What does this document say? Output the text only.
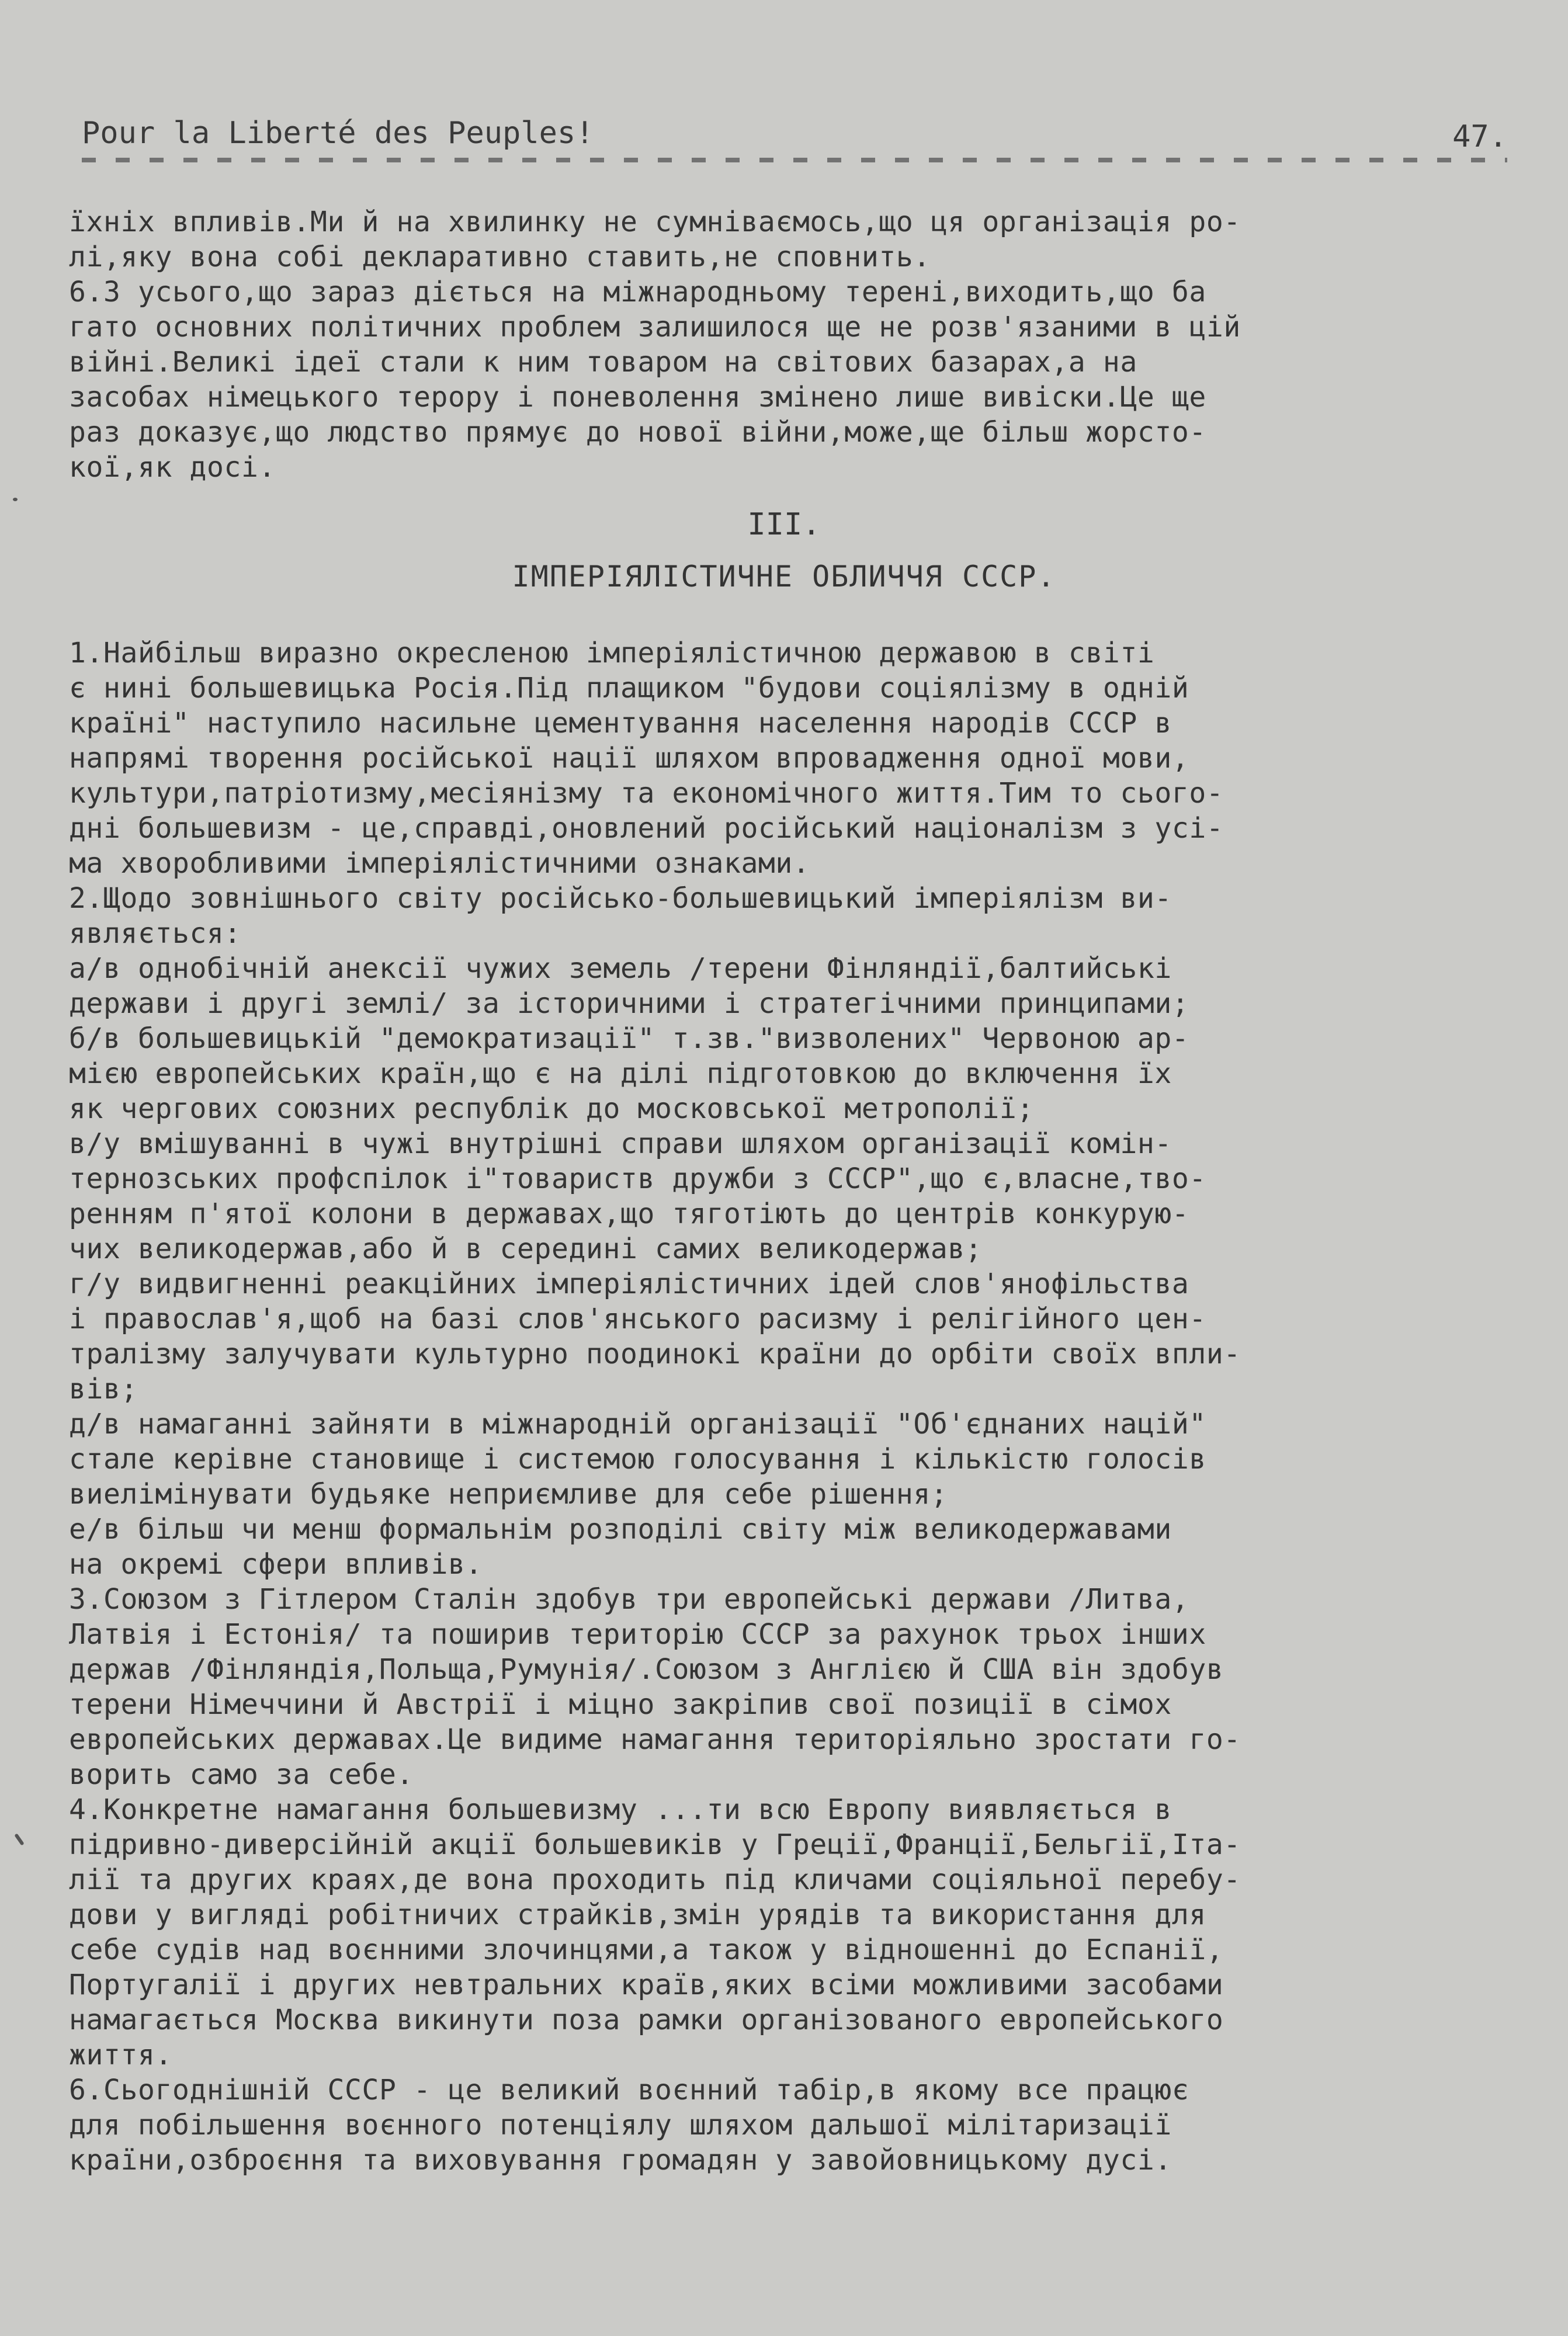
Pour la Liberté des Peuples!	47.
їхніх впливів.Ми й на хвилинку не сумніваємось,що ця організація ро-
лі,яку вона собі декларативно ставить,не сповнить.
6.З усього,що зараз діється на міжнародньому терені,виходить,що ба
гато основних політичних проблем залишилося ще не розв'язаними в цій
війні.Великі ідеї стали к ним товаром на світових базарах,а на
засобах німецького терору і поневолення змінено лише вивіски.Це ще
раз доказує,що людство прямує до нової війни,може,ще більш жорсто-
кої,як досі.
III.
ІМПЕРІЯЛІСТИЧНЕ ОБЛИЧЧЯ СССР.
1.Найбільш виразно окресленою імперіялістичною державою в світі
є нині большевицька Росія.Під плащиком "будови соціялізму в одній
країні" наступило насильне цементування населення народів СССР в
напрямі творення російської нації шляхом впровадження одної мови,
культури,патріотизму,месіянізму та економічного життя.Тим то сього-
дні большевизм - це,справді,оновлений російський націоналізм з усі-
ма хворобливими імперіялістичними ознаками.
2.Щодо зовнішнього світу російсько-большевицький імперіялізм ви-
являється:
а/в однобічній анексії чужих земель /терени Фінляндії,балтийські
держави і другі землі/ за історичними і стратегічними принципами;
б/в большевицькій "демократизації" т.зв."визволених" Червоною ар-
мією европейських країн,що є на ділі підготовкою до включення їх
як чергових союзних республік до московської метрополії;
в/у вмішуванні в чужі внутрішні справи шляхом організації комін-
тернозських профспілок і"товариств дружби з СССР",що є,власне,тво-
ренням п'ятої колони в державах,що тяготіють до центрів конкурую-
чих великодержав,або й в середині самих великодержав;
г/у видвигненні реакційних імперіялістичних ідей слов'янофільства
і православ'я,щоб на базі слов'янського расизму і релігійного цен-
тралізму залучувати культурно поодинокі країни до орбіти своїх впли-
вів;
д/в намаганні зайняти в міжнародній організації "Об'єднаних націй"
стале керівне становище і системою голосування і кількістю голосів
виелімінувати будьяке неприємливе для себе рішення;
е/в більш чи менш формальнім розподілі світу між великодержавами
на окремі сфери впливів.
3.Союзом з Гітлером Сталін здобув три европейські держави /Литва,
Латвія і Естонія/ та поширив територію СССР за рахунок трьох інших
держав /Фінляндія,Польща,Румунія/.Союзом з Англією й США він здобув
терени Німеччини й Австрії і міцно закріпив свої позиції в сімох
европейських державах.Це видиме намагання територіяльно зростати го-
ворить само за себе.
4.Конкретне намагання большевизму ...ти всю Европу виявляється в
підривно-диверсійній акції большевиків у Греції,Франції,Бельгії,Іта-
лії та других краях,де вона проходить під кличами соціяльної перебу-
дови у вигляді робітничих страйків,змін урядів та використання для
себе судів над воєнними злочинцями,а також у відношенні до Еспанії,
Португалії і других невтральних країв,яких всіми можливими засобами
намагається Москва викинути поза рамки організованого европейського
життя.
6.Сьогоднішній СССР - це великий воєнний табір,в якому все працює
для побільшення воєнного потенціялу шляхом дальшої мілітаризації
країни,озброєння та виховування громадян у завойовницькому дусі.
